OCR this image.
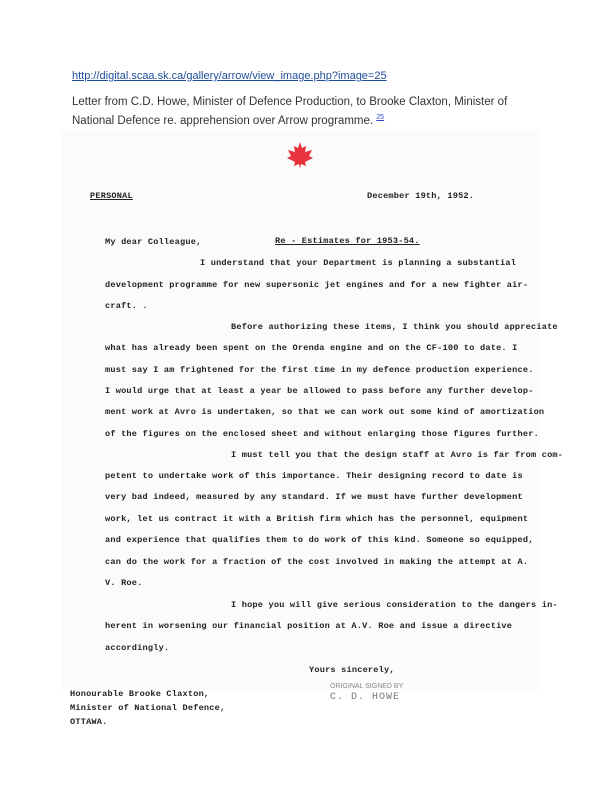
http://digital.scaa.sk.ca/gallery/arrow/view_image.php?image=25
Letter from C.D. Howe, Minister of Defence Production, to Brooke Claxton, Minister of National Defence re. apprehension over Arrow programme. $^{25}$
PERSONAL	December 19th, 1952.
My dear Colleague,	Re - Estimates for 1953-54.
I understand that your Department is planning a substantial
development programme for new supersonic jet engines and for a new fighter air-
craft. .
Before authorizing these items, I think you should appreciate
what has already been spent on the Orenda engine and on the CF-100 to date. I
must say I am frightened for the first time in my defence production experience.
I would urge that at least a year be allowed to pass before any further develop-
ment work at Avro is undertaken, so that we can work out some kind of amortization
of the figures on the enclosed sheet and without enlarging those figures further.
I must tell you that the design staff at Avro is far from com-
petent to undertake work of this importance. Their designing record to date is
very bad indeed, measured by any standard. If we must have further development
work, let us contract it with a British firm which has the personnel, equipment
and experience that qualifies them to do work of this kind. Someone so equipped,
can do the work for a fraction of the cost involved in making the attempt at A.
V. Roe.
I hope you will give serious consideration to the dangers in-
herent in worsening our financial position at A.V. Roe and issue a directive
accordingly.
Yours sincerely,
Honourable Brooke Claxton,
Minister of National Defence,
OTTAWA.
ORIGINAL SIGNED BY
C. D. HOWE
